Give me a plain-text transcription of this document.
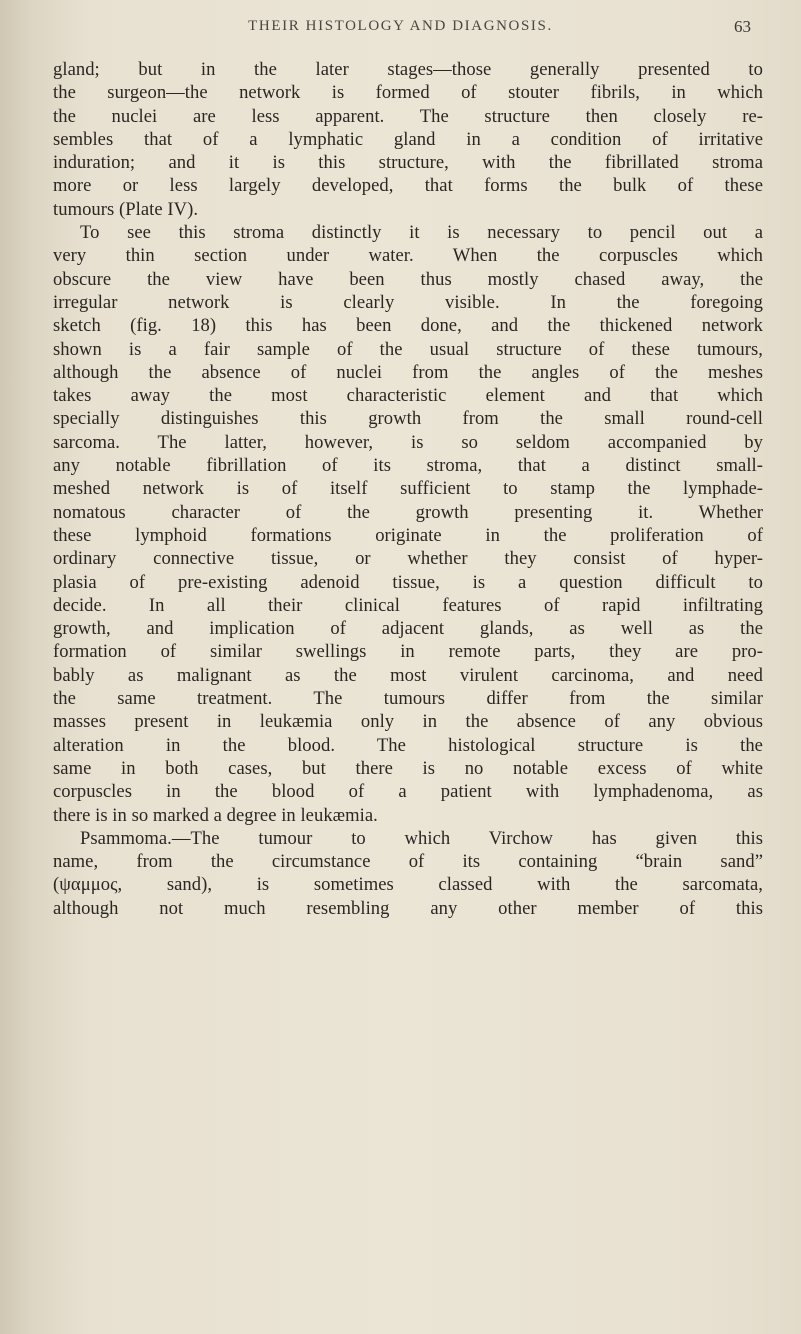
THEIR HISTOLOGY AND DIAGNOSIS.	63
gland; but in the later stages—those generally presented to
the surgeon—the network is formed of stouter fibrils, in which
the nuclei are less apparent. The structure then closely re-
sembles that of a lymphatic gland in a condition of irritative
induration; and it is this structure, with the fibrillated stroma
more or less largely developed, that forms the bulk of these
tumours (Plate IV).
To see this stroma distinctly it is necessary to pencil out a
very thin section under water. When the corpuscles which
obscure the view have been thus mostly chased away, the
irregular network is clearly visible. In the foregoing
sketch (fig. 18) this has been done, and the thickened network
shown is a fair sample of the usual structure of these tumours,
although the absence of nuclei from the angles of the meshes
takes away the most characteristic element and that which
specially distinguishes this growth from the small round-cell
sarcoma. The latter, however, is so seldom accompanied by
any notable fibrillation of its stroma, that a distinct small-
meshed network is of itself sufficient to stamp the lymphade-
nomatous character of the growth presenting it. Whether
these lymphoid formations originate in the proliferation of
ordinary connective tissue, or whether they consist of hyper-
plasia of pre-existing adenoid tissue, is a question difficult to
decide. In all their clinical features of rapid infiltrating
growth, and implication of adjacent glands, as well as the
formation of similar swellings in remote parts, they are pro-
bably as malignant as the most virulent carcinoma, and need
the same treatment. The tumours differ from the similar
masses present in leukæmia only in the absence of any obvious
alteration in the blood. The histological structure is the
same in both cases, but there is no notable excess of white
corpuscles in the blood of a patient with lymphadenoma, as
there is in so marked a degree in leukæmia.
Psammoma.—The tumour to which Virchow has given this
name, from the circumstance of its containing “brain sand”
(ψαμμος, sand), is sometimes classed with the sarcomata,
although not much resembling any other member of this
